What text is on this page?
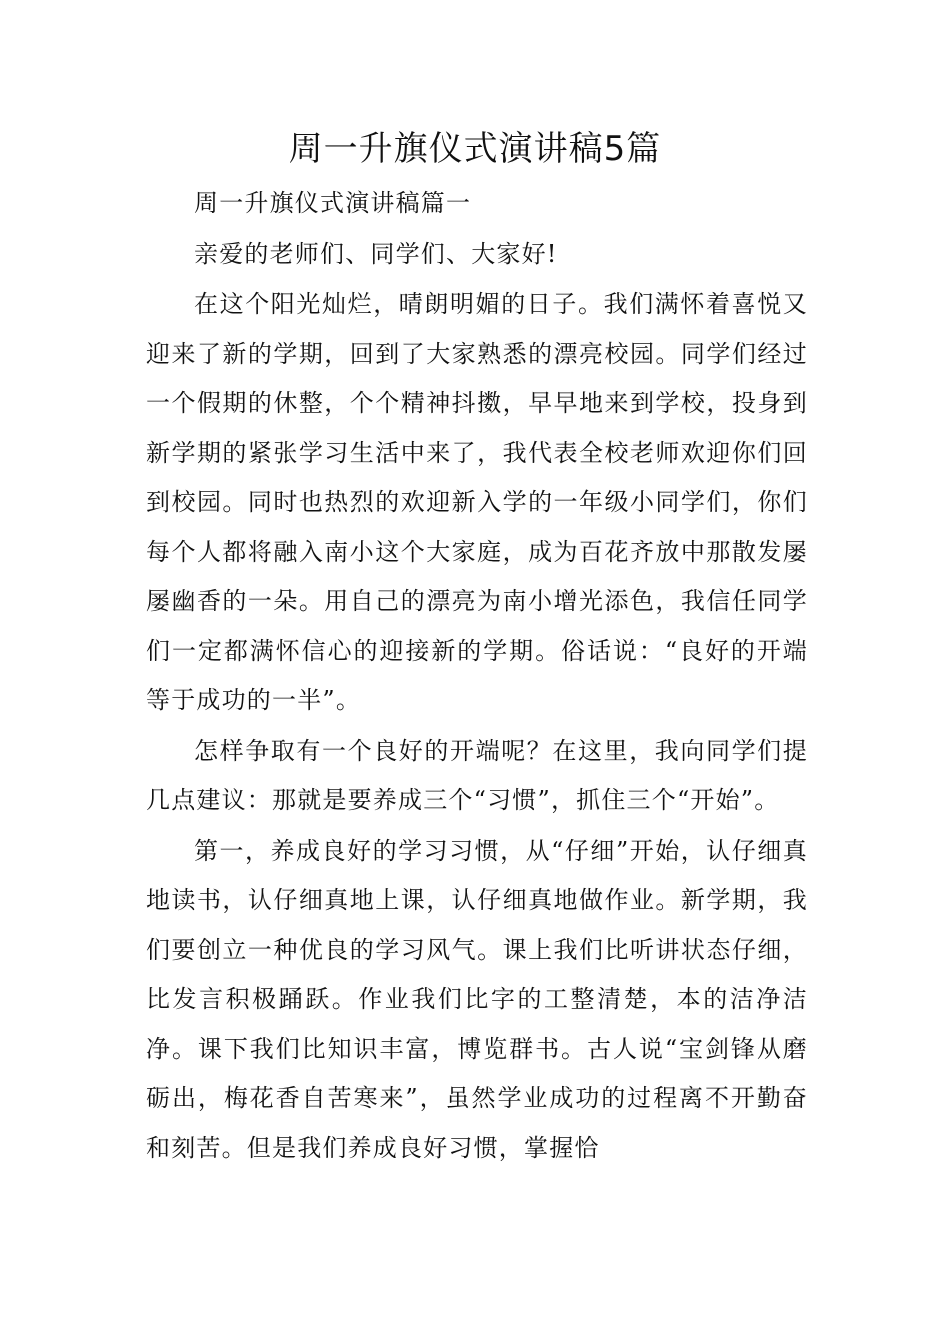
周一升旗仪式演讲稿5篇

周一升旗仪式演讲稿篇一

亲爱的老师们、同学们、大家好!

在这个阳光灿烂，晴朗明媚的日子。我们满怀着喜悦又迎来了新的学期，回到了大家熟悉的漂亮校园。同学们经过一个假期的休整，个个精神抖擞，早早地来到学校，投身到新学期的紧张学习生活中来了，我代表全校老师欢迎你们回到校园。同时也热烈的欢迎新入学的一年级小同学们，你们每个人都将融入南小这个大家庭，成为百花齐放中那散发屡屡幽香的一朵。用自己的漂亮为南小增光添色，我信任同学们一定都满怀信心的迎接新的学期。俗话说：“良好的开端等于成功的一半”。

怎样争取有一个良好的开端呢？在这里，我向同学们提几点建议：那就是要养成三个“习惯”，抓住三个“开始”。

第一，养成良好的学习习惯，从“仔细”开始，认仔细真地读书，认仔细真地上课，认仔细真地做作业。新学期，我们要创立一种优良的学习风气。课上我们比听讲状态仔细，比发言积极踊跃。作业我们比字的工整清楚，本的洁净洁净。课下我们比知识丰富，博览群书。古人说“宝剑锋从磨砺出，梅花香自苦寒来”，虽然学业成功的过程离不开勤奋和刻苦。但是我们养成良好习惯，掌握恰
